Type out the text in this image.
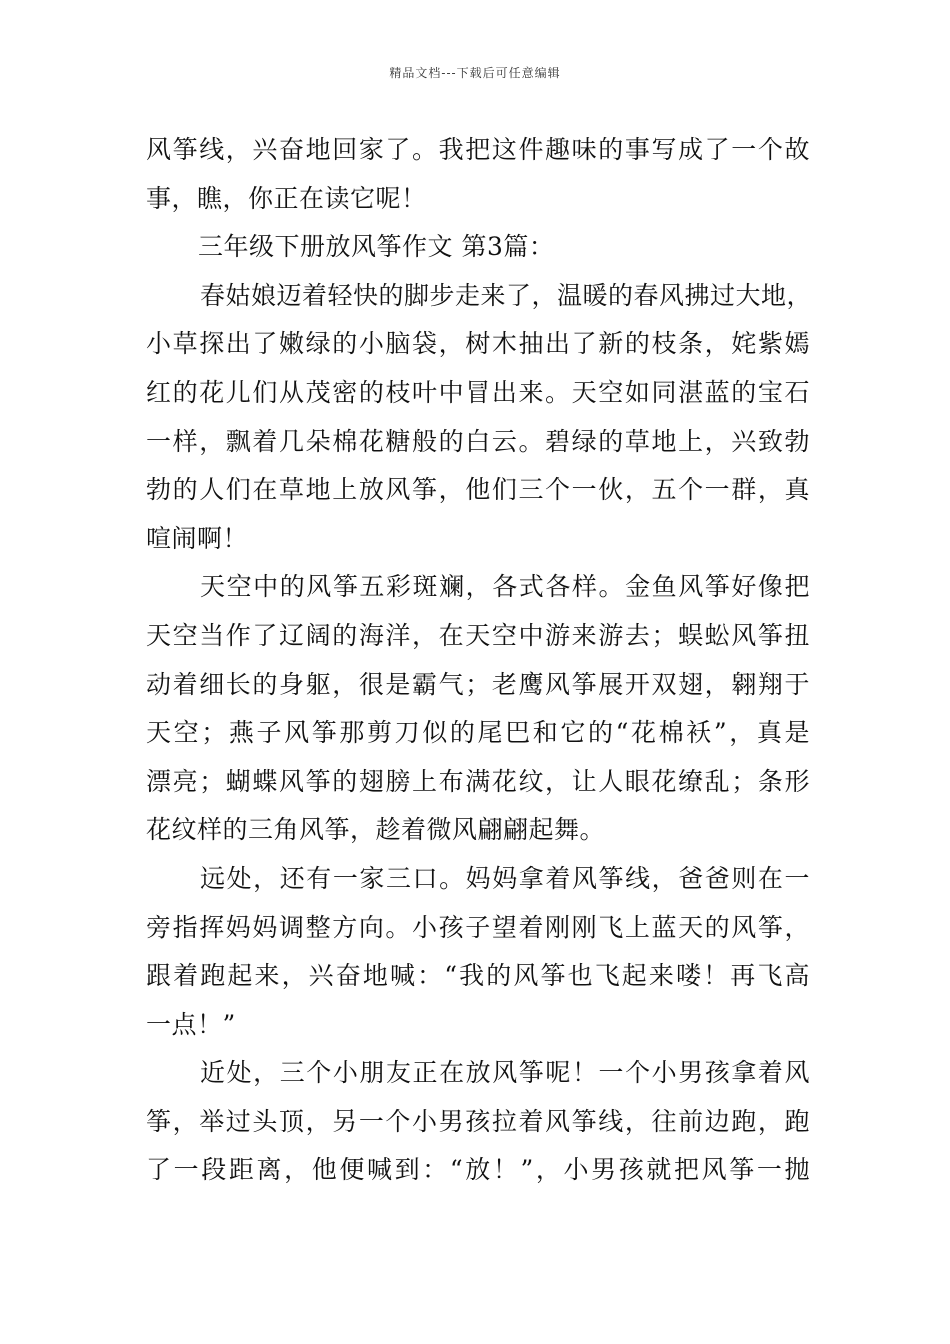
精品文档---下载后可任意编辑
风筝线，兴奋地回家了。我把这件趣味的事写成了一个故
事，瞧，你正在读它呢！
三年级下册放风筝作文 第3篇：
春姑娘迈着轻快的脚步走来了，温暖的春风拂过大地，
小草探出了嫩绿的小脑袋，树木抽出了新的枝条，姹紫嫣
红的花儿们从茂密的枝叶中冒出来。天空如同湛蓝的宝石
一样，飘着几朵棉花糖般的白云。碧绿的草地上，兴致勃
勃的人们在草地上放风筝，他们三个一伙，五个一群，真
喧闹啊！
天空中的风筝五彩斑斓，各式各样。金鱼风筝好像把
天空当作了辽阔的海洋，在天空中游来游去；蜈蚣风筝扭
动着细长的身躯，很是霸气；老鹰风筝展开双翅，翱翔于
天空；燕子风筝那剪刀似的尾巴和它的“花棉袄”，真是
漂亮；蝴蝶风筝的翅膀上布满花纹，让人眼花缭乱；条形
花纹样的三角风筝，趁着微风翩翩起舞。
远处，还有一家三口。妈妈拿着风筝线，爸爸则在一
旁指挥妈妈调整方向。小孩子望着刚刚飞上蓝天的风筝，
跟着跑起来，兴奋地喊：“我的风筝也飞起来喽！再飞高
一点！”
近处，三个小朋友正在放风筝呢！一个小男孩拿着风
筝，举过头顶，另一个小男孩拉着风筝线，往前边跑，跑
了一段距离，他便喊到：“放！”，小男孩就把风筝一抛
